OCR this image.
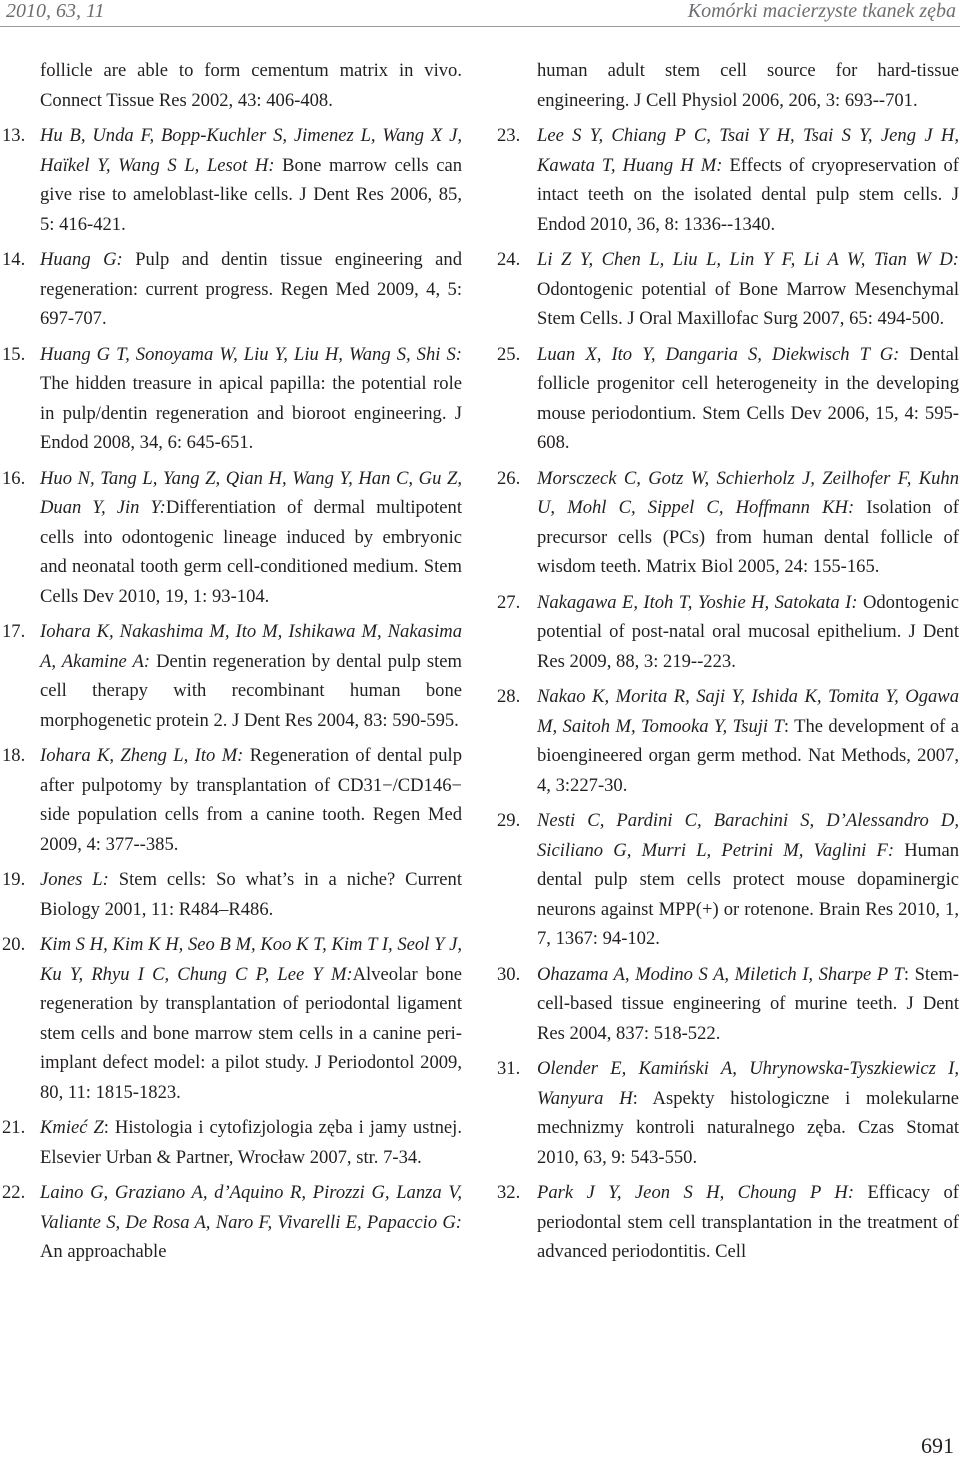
2010, 63, 11	Komórki macierzyste tkanek zęba

follicle are able to form cementum matrix in vivo. Connect Tissue Res 2002, 43: 406-408.

13. Hu B, Unda F, Bopp-Kuchler S, Jimenez L, Wang X J, Haïkel Y, Wang S L, Lesot H: Bone marrow cells can give rise to ameloblast-like cells. J Dent Res 2006, 85, 5: 416-421.

14. Huang G: Pulp and dentin tissue engineering and regeneration: current progress. Regen Med 2009, 4, 5: 697-707.

15. Huang G T, Sonoyama W, Liu Y, Liu H, Wang S, Shi S: The hidden treasure in apical papilla: the potential role in pulp/dentin regeneration and bioroot engineering. J Endod 2008, 34, 6: 645-651.

16. Huo N, Tang L, Yang Z, Qian H, Wang Y, Han C, Gu Z, Duan Y, Jin Y:Differentiation of dermal multipotent cells into odontogenic lineage induced by embryonic and neonatal tooth germ cell-conditioned medium. Stem Cells Dev 2010, 19, 1: 93-104.

17. Iohara K, Nakashima M, Ito M, Ishikawa M, Nakasima A, Akamine A: Dentin regeneration by dental pulp stem cell therapy with recombinant human bone morphogenetic protein 2. J Dent Res 2004, 83: 590-595.

18. Iohara K, Zheng L, Ito M: Regeneration of dental pulp after pulpotomy by transplantation of CD31−/CD146− side population cells from a canine tooth. Regen Med 2009, 4: 377--385.

19. Jones L: Stem cells: So what’s in a niche? Current Biology 2001, 11: R484–R486.

20. Kim S H, Kim K H, Seo B M, Koo K T, Kim T I, Seol Y J, Ku Y, Rhyu I C, Chung C P, Lee Y M:Alveolar bone regeneration by transplantation of periodontal ligament stem cells and bone marrow stem cells in a canine peri-implant defect model: a pilot study. J Periodontol 2009, 80, 11: 1815-1823.

21. Kmieć Z: Histologia i cytofizjologia zęba i jamy ustnej. Elsevier Urban & Partner, Wrocław 2007, str. 7-34.

22. Laino G, Graziano A, d’Aquino R, Pirozzi G, Lanza V, Valiante S, De Rosa A, Naro F, Vivarelli E, Papaccio G: An approachable

human adult stem cell source for hard-tissue engineering. J Cell Physiol 2006, 206, 3: 693--701.

23. Lee S Y, Chiang P C, Tsai Y H, Tsai S Y, Jeng J H, Kawata T, Huang H M: Effects of cryopreservation of intact teeth on the isolated dental pulp stem cells. J Endod 2010, 36, 8: 1336--1340.

24. Li Z Y, Chen L, Liu L, Lin Y F, Li A W, Tian W D: Odontogenic potential of Bone Marrow Mesenchymal Stem Cells. J Oral Maxillofac Surg 2007, 65: 494-500.

25. Luan X, Ito Y, Dangaria S, Diekwisch T G: Dental follicle progenitor cell heterogeneity in the developing mouse periodontium. Stem Cells Dev 2006, 15, 4: 595-608.

26. Morsczeck C, Gotz W, Schierholz J, Zeilhofer F, Kuhn U, Mohl C, Sippel C, Hoffmann KH: Isolation of precursor cells (PCs) from human dental follicle of wisdom teeth. Matrix Biol 2005, 24: 155-165.

27. Nakagawa E, Itoh T, Yoshie H, Satokata I: Odontogenic potential of post-natal oral mucosal epithelium. J Dent Res 2009, 88, 3: 219--223.

28. Nakao K, Morita R, Saji Y, Ishida K, Tomita Y, Ogawa M, Saitoh M, Tomooka Y, Tsuji T: The development of a bioengineered organ germ method. Nat Methods, 2007, 4, 3:227-30.

29. Nesti C, Pardini C, Barachini S, D’Alessandro D, Siciliano G, Murri L, Petrini M, Vaglini F: Human dental pulp stem cells protect mouse dopaminergic neurons against MPP(+) or rotenone. Brain Res 2010, 1, 7, 1367: 94-102.

30. Ohazama A, Modino S A, Miletich I, Sharpe P T: Stem-cell-based tissue engineering of murine teeth. J Dent Res 2004, 837: 518-522.

31. Olender E, Kamiński A, Uhrynowska-Tyszkiewicz I, Wanyura H: Aspekty histologiczne i molekularne mechnizmy kontroli naturalnego zęba. Czas Stomat 2010, 63, 9: 543-550.

32. Park J Y, Jeon S H, Choung P H: Efficacy of periodontal stem cell transplantation in the treatment of advanced periodontitis. Cell

691
